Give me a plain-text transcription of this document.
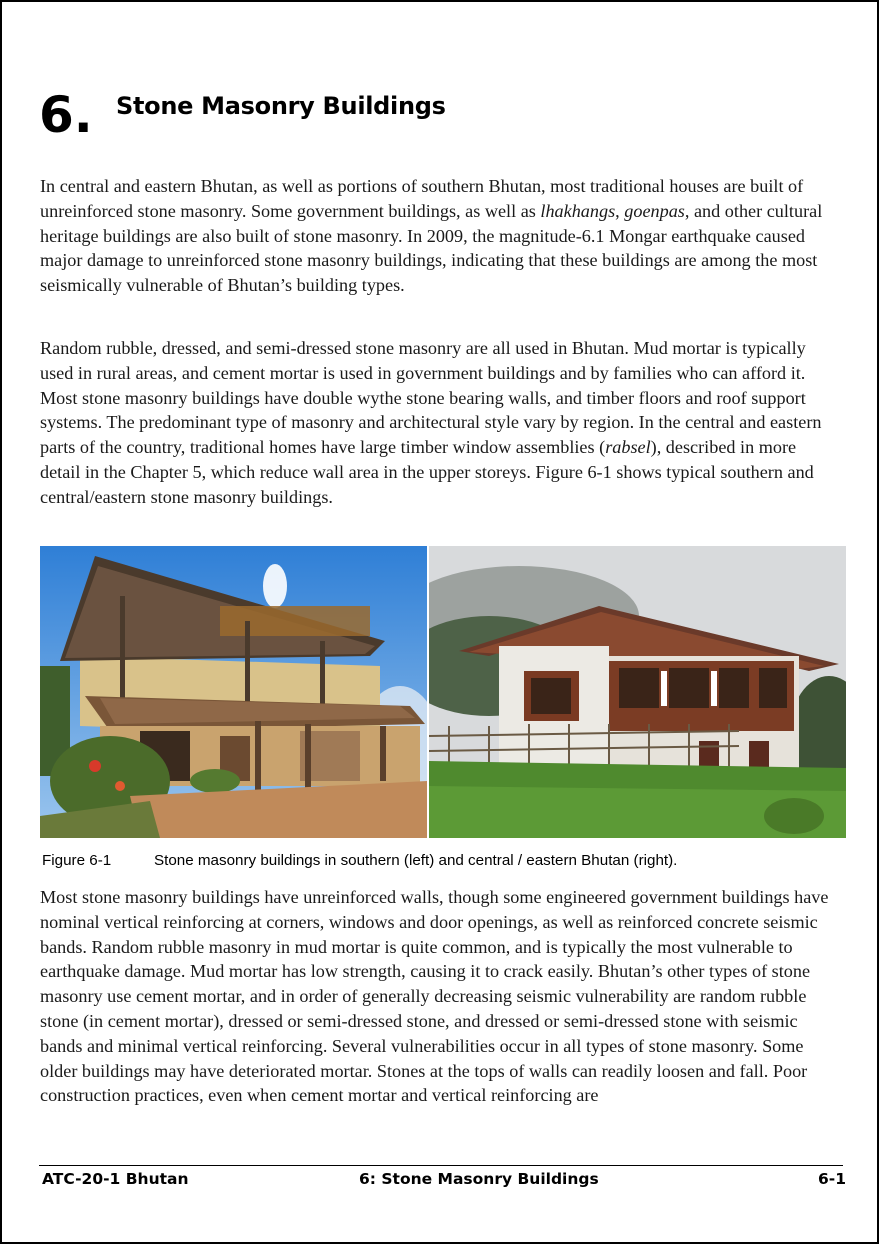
6. Stone Masonry Buildings

In central and eastern Bhutan, as well as portions of southern Bhutan, most traditional houses are built of unreinforced stone masonry. Some government buildings, as well as lhakhangs, goenpas, and other cultural heritage buildings are also built of stone masonry. In 2009, the magnitude-6.1 Mongar earthquake caused major damage to unreinforced stone masonry buildings, indicating that these buildings are among the most seismically vulnerable of Bhutan’s building types.

Random rubble, dressed, and semi-dressed stone masonry are all used in Bhutan. Mud mortar is typically used in rural areas, and cement mortar is used in government buildings and by families who can afford it. Most stone masonry buildings have double wythe stone bearing walls, and timber floors and roof support systems. The predominant type of masonry and architectural style vary by region. In the central and eastern parts of the country, traditional homes have large timber window assemblies (rabsel), described in more detail in the Chapter 5, which reduce wall area in the upper storeys. Figure 6-1 shows typical southern and central/eastern stone masonry buildings.

Figure 6-1	Stone masonry buildings in southern (left) and central / eastern Bhutan (right).

Most stone masonry buildings have unreinforced walls, though some engineered government buildings have nominal vertical reinforcing at corners, windows and door openings, as well as reinforced concrete seismic bands. Random rubble masonry in mud mortar is quite common, and is typically the most vulnerable to earthquake damage. Mud mortar has low strength, causing it to crack easily. Bhutan’s other types of stone masonry use cement mortar, and in order of generally decreasing seismic vulnerability are random rubble stone (in cement mortar), dressed or semi-dressed stone, and dressed or semi-dressed stone with seismic bands and minimal vertical reinforcing. Several vulnerabilities occur in all types of stone masonry. Some older buildings may have deteriorated mortar. Stones at the tops of walls can readily loosen and fall. Poor construction practices, even when cement mortar and vertical reinforcing are

ATC-20-1 Bhutan	6: Stone Masonry Buildings	6-1
